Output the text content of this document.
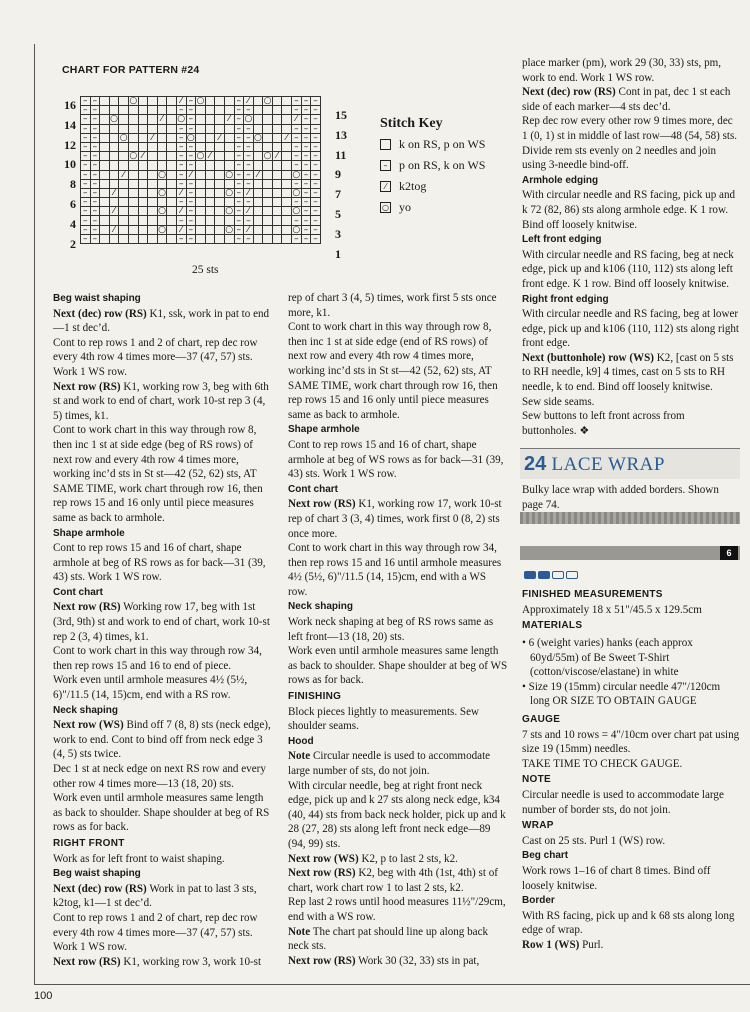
100
CHART FOR PATTERN #24
16
14
12
10
8
6
4
2
15
13
11
9
7
5
3
1
–	–				○					⁄	–	○				–	⁄		○			–	–	–
–	–									–	–					–	–					–	–	–
–	–		○					⁄		○	–				⁄	–	○					⁄	–	–
–	–									–	–					–	–					–	–	–
–	–			○			⁄			–	○			⁄		–	–	○			⁄	–	–	–
–	–									–	–					–	–					–	–	–
–	–				○	⁄				–	–	○	⁄			–	–		○	⁄		–	–	–
–	–									–	–					–	–					–	–	–
–	–			⁄				○		–	⁄				○	–	–	⁄				○	–	–
–	–									–	–					–	–					–	–	–
–	–		⁄					○		⁄	–				○	–	⁄					○	–	–
–	–									–	–					–	–					–	–	–
–	–		⁄					○		⁄	–				○	–	⁄					○	–	–
–	–									–	–					–	–					–	–	–
–	–		⁄					○		⁄	–				○	–	⁄					○	–	–
–	–									–	–					–	–					–	–	–
25 sts
Stitch Key
k on RS, p on WS
– p on RS, k on WS
⁄	k2tog
○ yo

Beg waist shaping

Next (dec) row (RS) K1, ssk, work in pat to end—1 st dec’d.

Cont to rep rows 1 and 2 of chart, rep dec row every 4th row 4 times more—37 (47, 57) sts. Work 1 WS row.

Next row (RS) K1, working row 3, beg with 6th st and work to end of chart, work 10-st rep 3 (4, 5) times, k1.

Cont to work chart in this way through row 8, then inc 1 st at side edge (beg of RS rows) of next row and every 4th row 4 times more, working inc’d sts in St st—42 (52, 62) sts, AT SAME TIME, work chart through row 16, then rep rows 15 and 16 only until piece measures same as back to armhole.

Shape armhole

Cont to rep rows 15 and 16 of chart, shape armhole at beg of RS rows as for back—31 (39, 43) sts. Work 1 WS row.

Cont chart

Next row (RS) Working row 17, beg with 1st (3rd, 9th) st and work to end of chart, work 10-st rep 2 (3, 4) times, k1.

Cont to work chart in this way through row 34, then rep rows 15 and 16 to end of piece.

Work even until armhole measures 4½ (5½, 6)"/11.5 (14, 15)cm, end with a RS row.

Neck shaping

Next row (WS) Bind off 7 (8, 8) sts (neck edge), work to end. Cont to bind off from neck edge 3 (4, 5) sts twice.

Dec 1 st at neck edge on next RS row and every other row 4 times more—13 (18, 20) sts.

Work even until armhole measures same length as back to shoulder. Shape shoulder at beg of RS rows as for back.

RIGHT FRONT

Work as for left front to waist shaping.

Beg waist shaping

Next (dec) row (RS) Work in pat to last 3 sts, k2tog, k1—1 st dec’d.

Cont to rep rows 1 and 2 of chart, rep dec row every 4th row 4 times more—37 (47, 57) sts. Work 1 WS row.

Next row (RS) K1, working row 3, work 10-st

rep of chart 3 (4, 5) times, work first 5 sts once more, k1.

Cont to work chart in this way through row 8, then inc 1 st at side edge (end of RS rows) of next row and every 4th row 4 times more, working inc’d sts in St st—42 (52, 62) sts, AT SAME TIME, work chart through row 16, then rep rows 15 and 16 only until piece measures same as back to armhole.

Shape armhole

Cont to rep rows 15 and 16 of chart, shape armhole at beg of WS rows as for back—31 (39, 43) sts. Work 1 WS row.

Cont chart

Next row (RS) K1, working row 17, work 10-st rep of chart 3 (3, 4) times, work first 0 (8, 2) sts once more.

Cont to work chart in this way through row 34, then rep rows 15 and 16 until armhole measures 4½ (5½, 6)"/11.5 (14, 15)cm, end with a WS row.

Neck shaping

Work neck shaping at beg of RS rows same as left front—13 (18, 20) sts.

Work even until armhole measures same length as back to shoulder. Shape shoulder at beg of WS rows as for back.

FINISHING

Block pieces lightly to measurements. Sew shoulder seams.

Hood

Note Circular needle is used to accommodate large number of sts, do not join.

With circular needle, beg at right front neck edge, pick up and k 27 sts along neck edge, k34 (40, 44) sts from back neck holder, pick up and k 28 (27, 28) sts along left front neck edge—89 (94, 99) sts.

Next row (WS) K2, p to last 2 sts, k2.

Next row (RS) K2, beg with 4th (1st, 4th) st of chart, work chart row 1 to last 2 sts, k2.

Rep last 2 rows until hood measures 11½"/29cm, end with a WS row.

Note The chart pat should line up along back neck sts.

Next row (RS) Work 30 (32, 33) sts in pat,

place marker (pm), work 29 (30, 33) sts, pm, work to end. Work 1 WS row.

Next (dec) row (RS) Cont in pat, dec 1 st each side of each marker—4 sts dec’d.

Rep dec row every other row 9 times more, dec 1 (0, 1) st in middle of last row—48 (54, 58) sts. Divide rem sts evenly on 2 needles and join using 3-needle bind-off.

Armhole edging

With circular needle and RS facing, pick up and k 72 (82, 86) sts along armhole edge. K 1 row. Bind off loosely knitwise.

Left front edging

With circular needle and RS facing, beg at neck edge, pick up and k106 (110, 112) sts along left front edge. K 1 row. Bind off loosely knitwise.

Right front edging

With circular needle and RS facing, beg at lower edge, pick up and k106 (110, 112) sts along right front edge.

Next (buttonhole) row (WS) K2, [cast on 5 sts to RH needle, k9] 4 times, cast on 5 sts to RH needle, k to end. Bind off loosely knitwise.

Sew side seams.

Sew buttons to left front across from buttonholes. ❖

24 LACE WRAP

Bulky lace wrap with added borders. Shown page 74.

6

FINISHED MEASUREMENTS

Approximately 18 x 51"/45.5 x 129.5cm

MATERIALS

• 6 (weight varies) hanks (each approx 60yd/55m) of Be Sweet T-Shirt (cotton/viscose/elastane) in white
• Size 19 (15mm) circular needle 47"/120cm long OR SIZE TO OBTAIN GAUGE

GAUGE

7 sts and 10 rows = 4"/10cm over chart pat using size 19 (15mm) needles.

TAKE TIME TO CHECK GAUGE.

NOTE

Circular needle is used to accommodate large number of border sts, do not join.

WRAP

Cast on 25 sts. Purl 1 (WS) row.

Beg chart

Work rows 1–16 of chart 8 times. Bind off loosely knitwise.

Border

With RS facing, pick up and k 68 sts along long edge of wrap.

Row 1 (WS) Purl.
